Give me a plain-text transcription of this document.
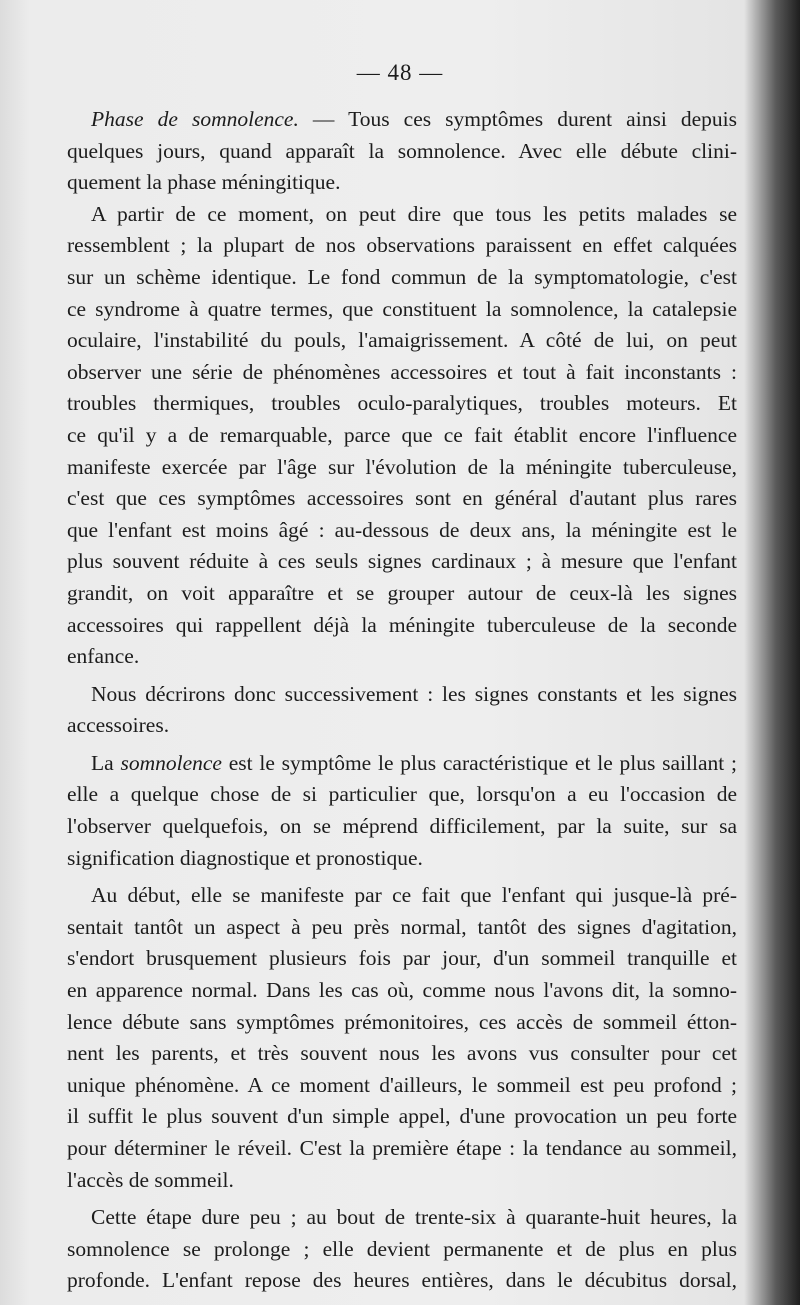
— 48 —

Phase de somnolence. — Tous ces symptômes durent ainsi depuis

quelques jours, quand apparaît la somnolence. Avec elle débute clini-

quement la phase méningitique.

A partir de ce moment, on peut dire que tous les petits malades se

ressemblent ; la plupart de nos observations paraissent en effet calquées

sur un schème identique. Le fond commun de la symptomatologie, c'est

ce syndrome à quatre termes, que constituent la somnolence, la catalepsie

oculaire, l'instabilité du pouls, l'amaigrissement. A côté de lui, on peut

observer une série de phénomènes accessoires et tout à fait inconstants :

troubles thermiques, troubles oculo-paralytiques, troubles moteurs. Et

ce qu'il y a de remarquable, parce que ce fait établit encore l'influence

manifeste exercée par l'âge sur l'évolution de la méningite tuberculeuse,

c'est que ces symptômes accessoires sont en général d'autant plus rares

que l'enfant est moins âgé : au-dessous de deux ans, la méningite est le

plus souvent réduite à ces seuls signes cardinaux ; à mesure que l'enfant

grandit, on voit apparaître et se grouper autour de ceux-là les signes

accessoires qui rappellent déjà la méningite tuberculeuse de la seconde

enfance.

Nous décrirons donc successivement : les signes constants et les signes

accessoires.

La somnolence est le symptôme le plus caractéristique et le plus saillant ;

elle a quelque chose de si particulier que, lorsqu'on a eu l'occasion de

l'observer quelquefois, on se méprend difficilement, par la suite, sur sa

signification diagnostique et pronostique.

Au début, elle se manifeste par ce fait que l'enfant qui jusque-là pré-

sentait tantôt un aspect à peu près normal, tantôt des signes d'agitation,

s'endort brusquement plusieurs fois par jour, d'un sommeil tranquille et

en apparence normal. Dans les cas où, comme nous l'avons dit, la somno-

lence débute sans symptômes prémonitoires, ces accès de sommeil étton-

nent les parents, et très souvent nous les avons vus consulter pour cet

unique phénomène. A ce moment d'ailleurs, le sommeil est peu profond ;

il suffit le plus souvent d'un simple appel, d'une provocation un peu forte

pour déterminer le réveil. C'est la première étape : la tendance au sommeil,

l'accès de sommeil.

Cette étape dure peu ; au bout de trente-six à quarante-huit heures, la

somnolence se prolonge ; elle devient permanente et de plus en plus

profonde. L'enfant repose des heures entières, dans le décubitus dorsal,
